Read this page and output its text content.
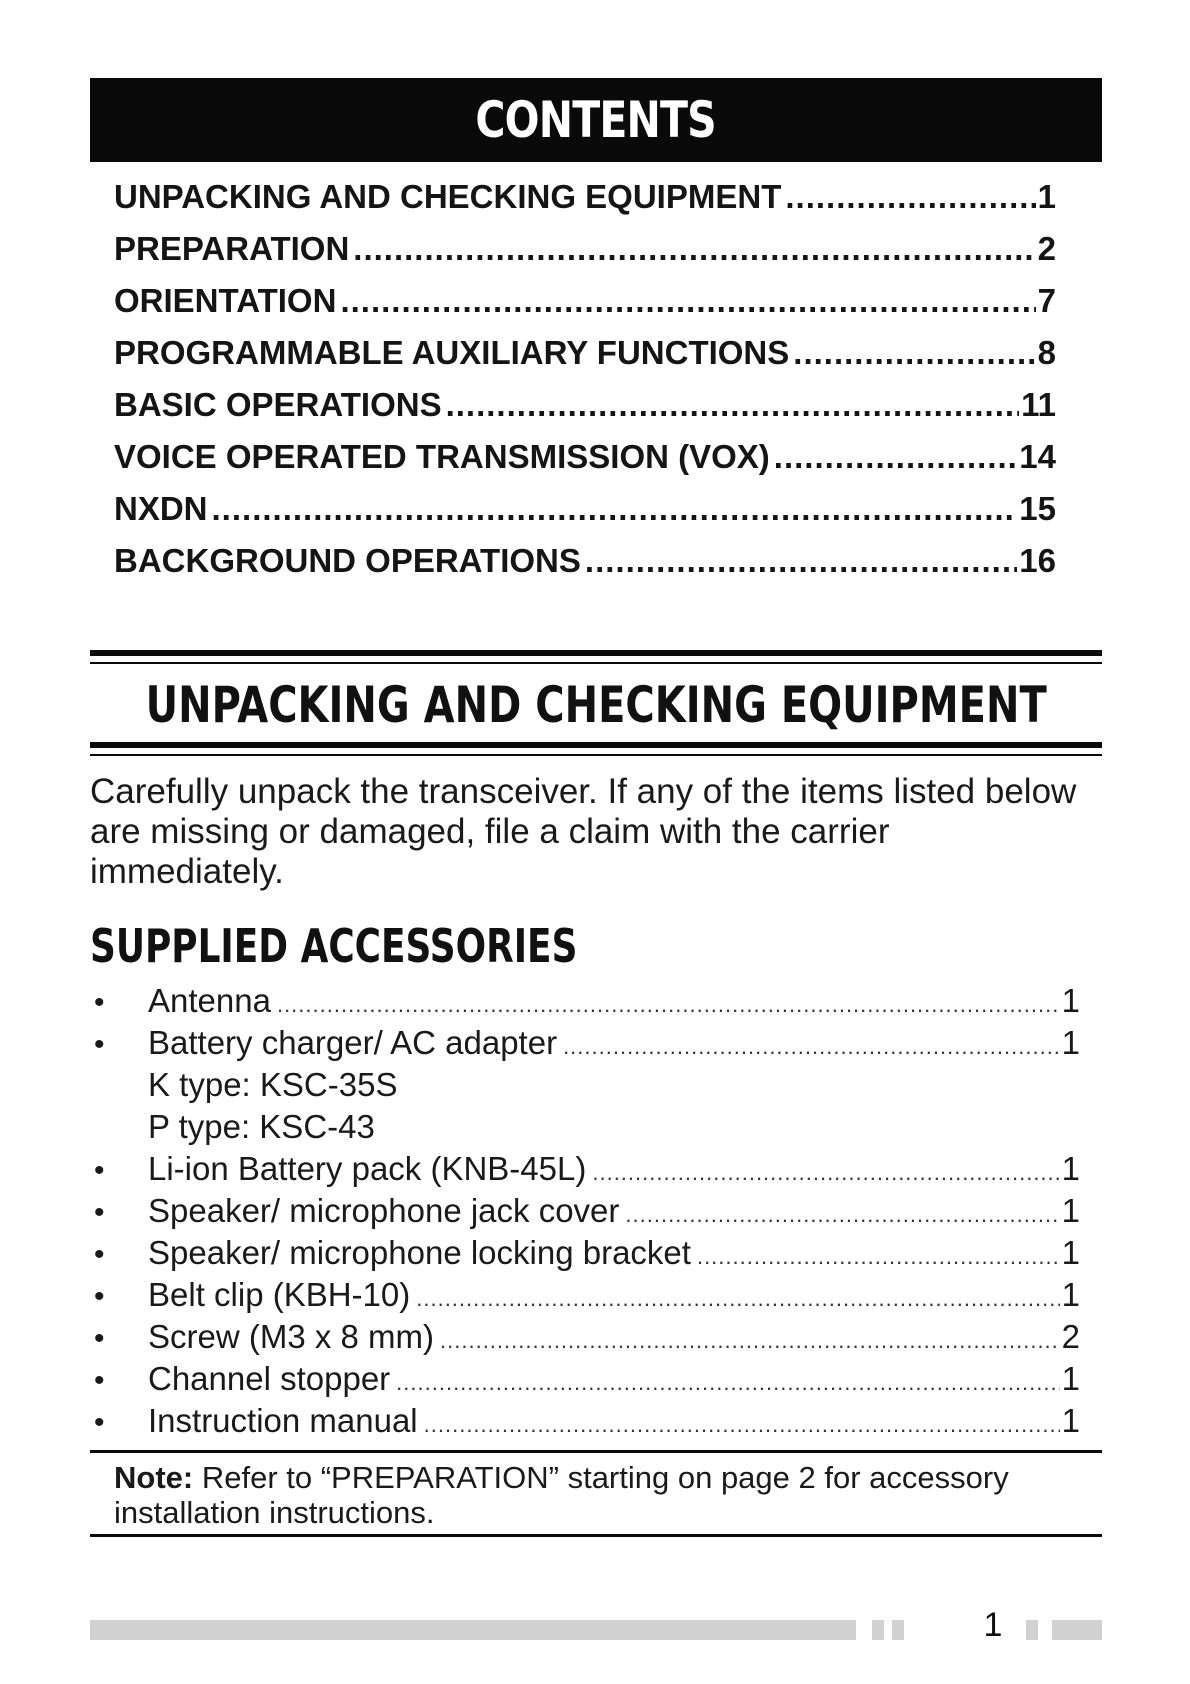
CONTENTS
UNPACKING AND CHECKING EQUIPMENT .....	1
PREPARATION .....	2
ORIENTATION .....	7
PROGRAMMABLE AUXILIARY FUNCTIONS .....	8
BASIC OPERATIONS .....	11
VOICE OPERATED TRANSMISSION (VOX) .....	14
NXDN .....	15
BACKGROUND OPERATIONS .....	16
UNPACKING AND CHECKING EQUIPMENT
Carefully unpack the transceiver. If any of the items listed below are missing or damaged, file a claim with the carrier immediately.
SUPPLIED ACCESSORIES
•	Antenna .....	1
•	Battery charger/ AC adapter .....	1
K type: KSC-35S
P type: KSC-43
•	Li-ion Battery pack (KNB-45L) .....	1
•	Speaker/ microphone jack cover .....	1
•	Speaker/ microphone locking bracket .....	1
•	Belt clip (KBH-10) .....	1
•	Screw (M3 x 8 mm) .....	2
•	Channel stopper .....	1
•	Instruction manual .....	1
Note: Refer to “PREPARATION” starting on page 2 for accessory installation instructions.
1
